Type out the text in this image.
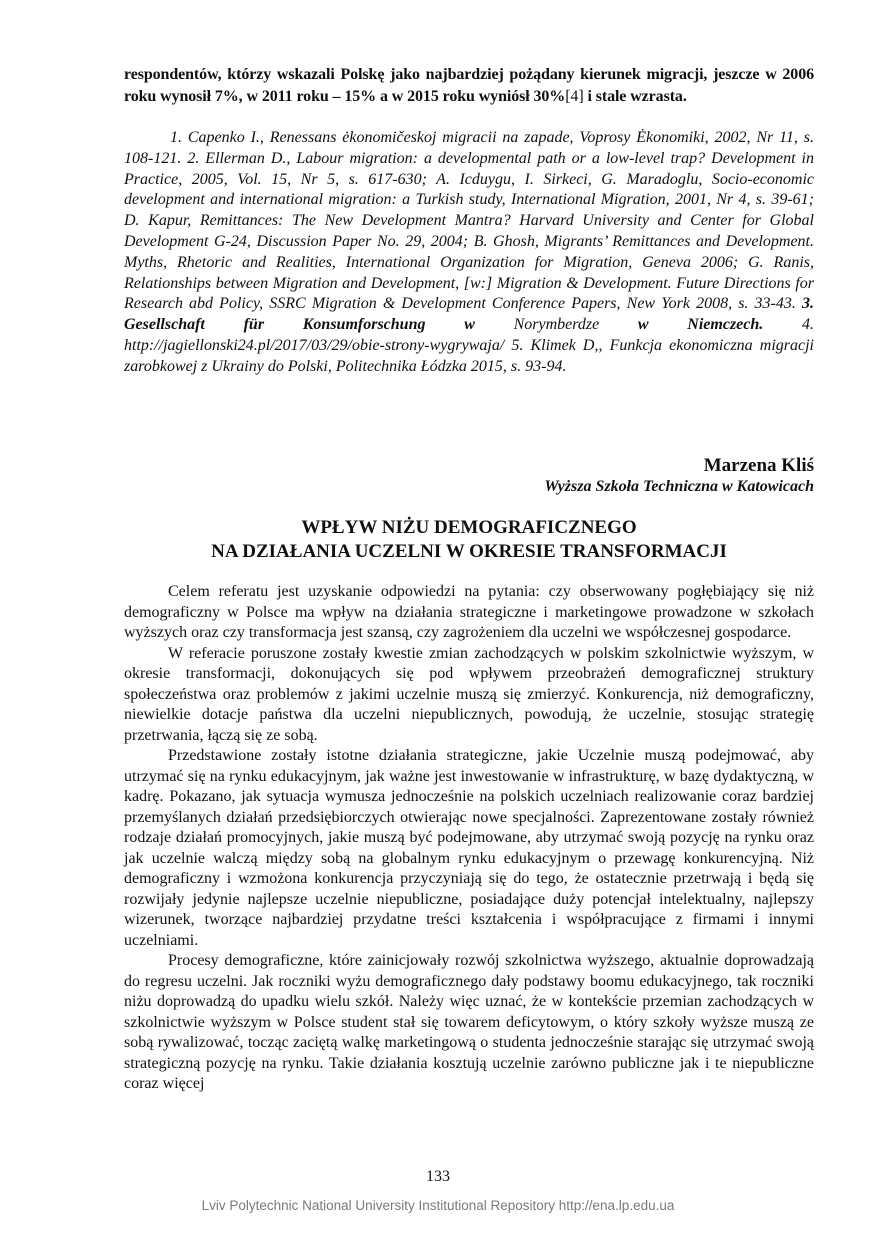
respondentów, którzy wskazali Polskę jako najbardziej pożądany kierunek migracji, jeszcze w 2006 roku wynosił 7%, w 2011 roku – 15% a w 2015 roku wyniósł 30%[4] i stale wzrasta.
1. Capenko I., Renessans ėkonomičeskoj migracii na zapade, Voprosy Ėkonomiki, 2002, Nr 11, s. 108-121. 2. Ellerman D., Labour migration: a developmental path or a low-level trap? Development in Practice, 2005, Vol. 15, Nr 5, s. 617-630; A. Icduygu, I. Sirkeci, G. Maradoglu, Socio-economic development and international migration: a Turkish study, International Migration, 2001, Nr 4, s. 39-61; D. Kapur, Remittances: The New Development Mantra? Harvard University and Center for Global Development G-24, Discussion Paper No. 29, 2004; B. Ghosh, Migrants’ Remittances and Development. Myths, Rhetoric and Realities, International Organization for Migration, Geneva 2006; G. Ranis, Relationships between Migration and Development, [w:] Migration & Development. Future Directions for Research abd Policy, SSRC Migration & Development Conference Papers, New York 2008, s. 33-43. 3. Gesellschaft für Konsumforschung w Norymberdze w Niemczech. 4. http://jagiellonski24.pl/2017/03/29/obie-strony-wygrywaja/ 5. Klimek D,, Funkcja ekonomiczna migracji zarobkowej z Ukrainy do Polski, Politechnika Łódzka 2015, s. 93-94.
Marzena Kliś
Wyższa Szkoła Techniczna w Katowicach
WPŁYW NIŻU DEMOGRAFICZNEGO
NA DZIAŁANIA UCZELNI W OKRESIE TRANSFORMACJI

Celem referatu jest uzyskanie odpowiedzi na pytania: czy obserwowany pogłębiający się niż demograficzny w Polsce ma wpływ na działania strategiczne i marketingowe prowadzone w szkołach wyższych oraz czy transformacja jest szansą, czy zagrożeniem dla uczelni we współczesnej gospodarce.

W referacie poruszone zostały kwestie zmian zachodzących w polskim szkolnictwie wyższym, w okresie transformacji, dokonujących się pod wpływem przeobrażeń demograficznej struktury społeczeństwa oraz problemów z jakimi uczelnie muszą się zmierzyć. Konkurencja, niż demograficzny, niewielkie dotacje państwa dla uczelni niepublicznych, powodują, że uczelnie, stosując strategię przetrwania, łączą się ze sobą.

Przedstawione zostały istotne działania strategiczne, jakie Uczelnie muszą podejmować, aby utrzymać się na rynku edukacyjnym, jak ważne jest inwestowanie w infrastrukturę, w bazę dydaktyczną, w kadrę. Pokazano, jak sytuacja wymusza jednocześnie na polskich uczelniach realizowanie coraz bardziej przemyślanych działań przedsiębiorczych otwierając nowe specjalności. Zaprezentowane zostały również rodzaje działań promocyjnych, jakie muszą być podejmowane, aby utrzymać swoją pozycję na rynku oraz jak uczelnie walczą między sobą na globalnym rynku edukacyjnym o przewagę konkurencyjną. Niż demograficzny i wzmożona konkurencja przyczyniają się do tego, że ostatecznie przetrwają i będą się rozwijały jedynie najlepsze uczelnie niepubliczne, posiadające duży potencjał intelektualny, najlepszy wizerunek, tworzące najbardziej przydatne treści kształcenia i współpracujące z firmami i innymi uczelniami.

Procesy demograficzne, które zainicjowały rozwój szkolnictwa wyższego, aktualnie doprowadzają do regresu uczelni. Jak roczniki wyżu demograficznego dały podstawy boomu edukacyjnego, tak roczniki niżu doprowadzą do upadku wielu szkół. Należy więc uznać, że w kontekście przemian zachodzących w szkolnictwie wyższym w Polsce student stał się towarem deficytowym, o który szkoły wyższe muszą ze sobą rywalizować, tocząc zaciętą walkę marketingową o studenta jednocześnie starając się utrzymać swoją strategiczną pozycję na rynku. Takie działania kosztują uczelnie zarówno publiczne jak i te niepubliczne coraz więcej

133
Lviv Polytechnic National University Institutional Repository http://ena.lp.edu.ua
